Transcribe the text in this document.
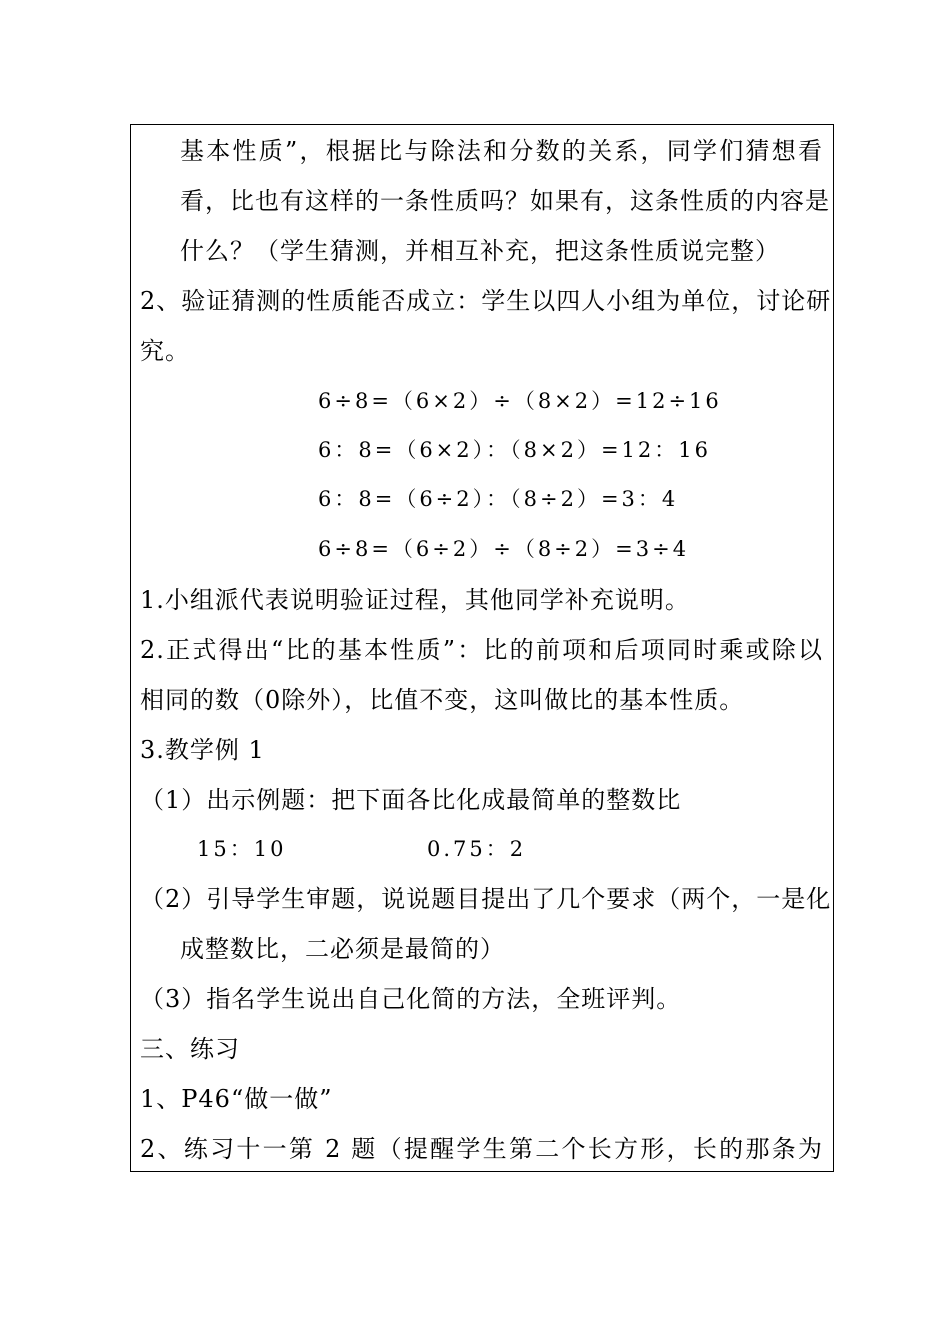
基本性质”，根据比与除法和分数的关系，同学们猜想看
看，比也有这样的一条性质吗？如果有，这条性质的内容是
什么？（学生猜测，并相互补充，把这条性质说完整）
2、验证猜测的性质能否成立：学生以四人小组为单位，讨论研
究。
6÷8=（6×2）÷（8×2）=12÷16
6：8=（6×2）：（8×2）=12：16
6：8=（6÷2）：（8÷2）=3：4
6÷8=（6÷2）÷（8÷2）=3÷4
1.小组派代表说明验证过程，其他同学补充说明。
2.正式得出“比的基本性质”：比的前项和后项同时乘或除以
相同的数（0除外），比值不变，这叫做比的基本性质。
3.教学例 1
（1）出示例题：把下面各比化成最简单的整数比
15：10	0.75：2
（2）引导学生审题，说说题目提出了几个要求（两个，一是化
成整数比，二必须是最简的）
（3）指名学生说出自己化简的方法，全班评判。
三、练习
1、P46“做一做”
2、练习十一第 2 题（提醒学生第二个长方形，长的那条为
